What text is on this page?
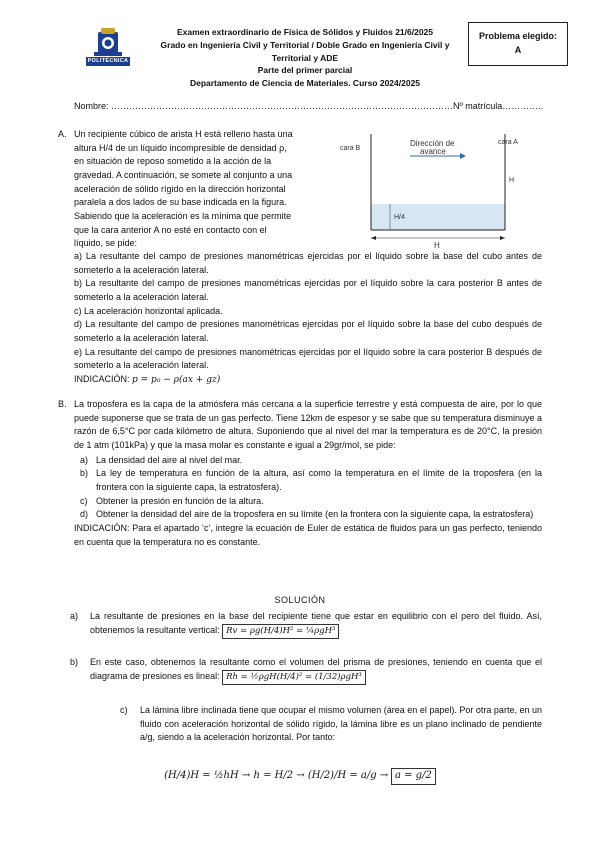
POLITÉCNICA
Examen extraordinario de Física de Sólidos y Fluidos 21/6/2025
Grado en Ingeniería Civil y Territorial / Doble Grado en Ingeniería Civil y
Territorial y ADE
Parte del primer parcial
Departamento de Ciencia de Materiales. Curso 2024/2025
Problema elegido:
A
Nombre: ……………………………………………………………………………………………………Nº matrícula…………..
A. Un recipiente cúbico de arista H está relleno hasta una
altura H/4 de un líquido incompresible de densidad ρ,
en situación de reposo sometido a la acción de la
gravedad. A continuación, se somete al conjunto a una
aceleración de sólido rígido en la dirección horizontal
paralela a dos lados de su base indicada en la figura.
Sabiendo que la aceleración es la mínima que permite
que la cara anterior A no esté en contacto con el
líquido, se pide:
Dirección de
avance
cara B
cara A
H
H/4
H
a) La resultante del campo de presiones manométricas ejercidas por el líquido sobre la base del cubo antes de someterlo a la aceleración lateral.
b) La resultante del campo de presiones manométricas ejercidas por el líquido sobre la cara posterior B antes de someterlo a la aceleración lateral.
c) La aceleración horizontal aplicada.
d) La resultante del campo de presiones manométricas ejercidas por el líquido sobre la base del cubo después de someterlo a la aceleración lateral.
e) La resultante del campo de presiones manométricas ejercidas por el líquido sobre la cara posterior B después de someterlo a la aceleración lateral.
INDICACIÓN: p = p₀ − ρ(ax + gz)
B. La troposfera es la capa de la atmósfera más cercana a la superficie terrestre y está compuesta de aire, por lo que puede suponerse que se trata de un gas perfecto. Tiene 12km de espesor y se sabe que su temperatura disminuye a razón de 6,5°C por cada kilómetro de altura. Suponiendo que al nivel del mar la temperatura es de 20°C, la presión de 1 atm (101kPa) y que la masa molar es constante e igual a 29gr/mol, se pide:
a) La densidad del aire al nivel del mar.
b) La ley de temperatura en función de la altura, así como la temperatura en el límite de la troposfera (en la frontera con la siguiente capa, la estratosfera).
c) Obtener la presión en función de la altura.
d) Obtener la densidad del aire de la troposfera en su límite (en la frontera con la siguiente capa, la estratosfera)
INDICACIÓN: Para el apartado ‘c’, integre la ecuación de Euler de estática de fluidos para un gas perfecto, teniendo en cuenta que la temperatura no es constante.
SOLUCIÓN
a)	La resultante de presiones en la base del recipiente tiene que estar en equilibrio con el pero del fluido. Así, obtenemos la resultante vertical: Rv = ρg(H/4)H² = ¼ρgH³
b)	En este caso, obtenemos la resultante como el volumen del prisma de presiones, teniendo en cuenta que el diagrama de presiones es lineal: Rh = ½ρgH(H/4)² = (1/32)ρgH³
c)	La lámina libre inclinada tiene que ocupar el mismo volumen (área en el papel). Por otra parte, en un fluido con aceleración horizontal de sólido rígido, la lámina libre es un plano inclinado de pendiente a/g, siendo a la aceleración horizontal. Por tanto:
(H/4)H = ½hH → h = H/2 → (H/2)/H = a/g → a = g/2
